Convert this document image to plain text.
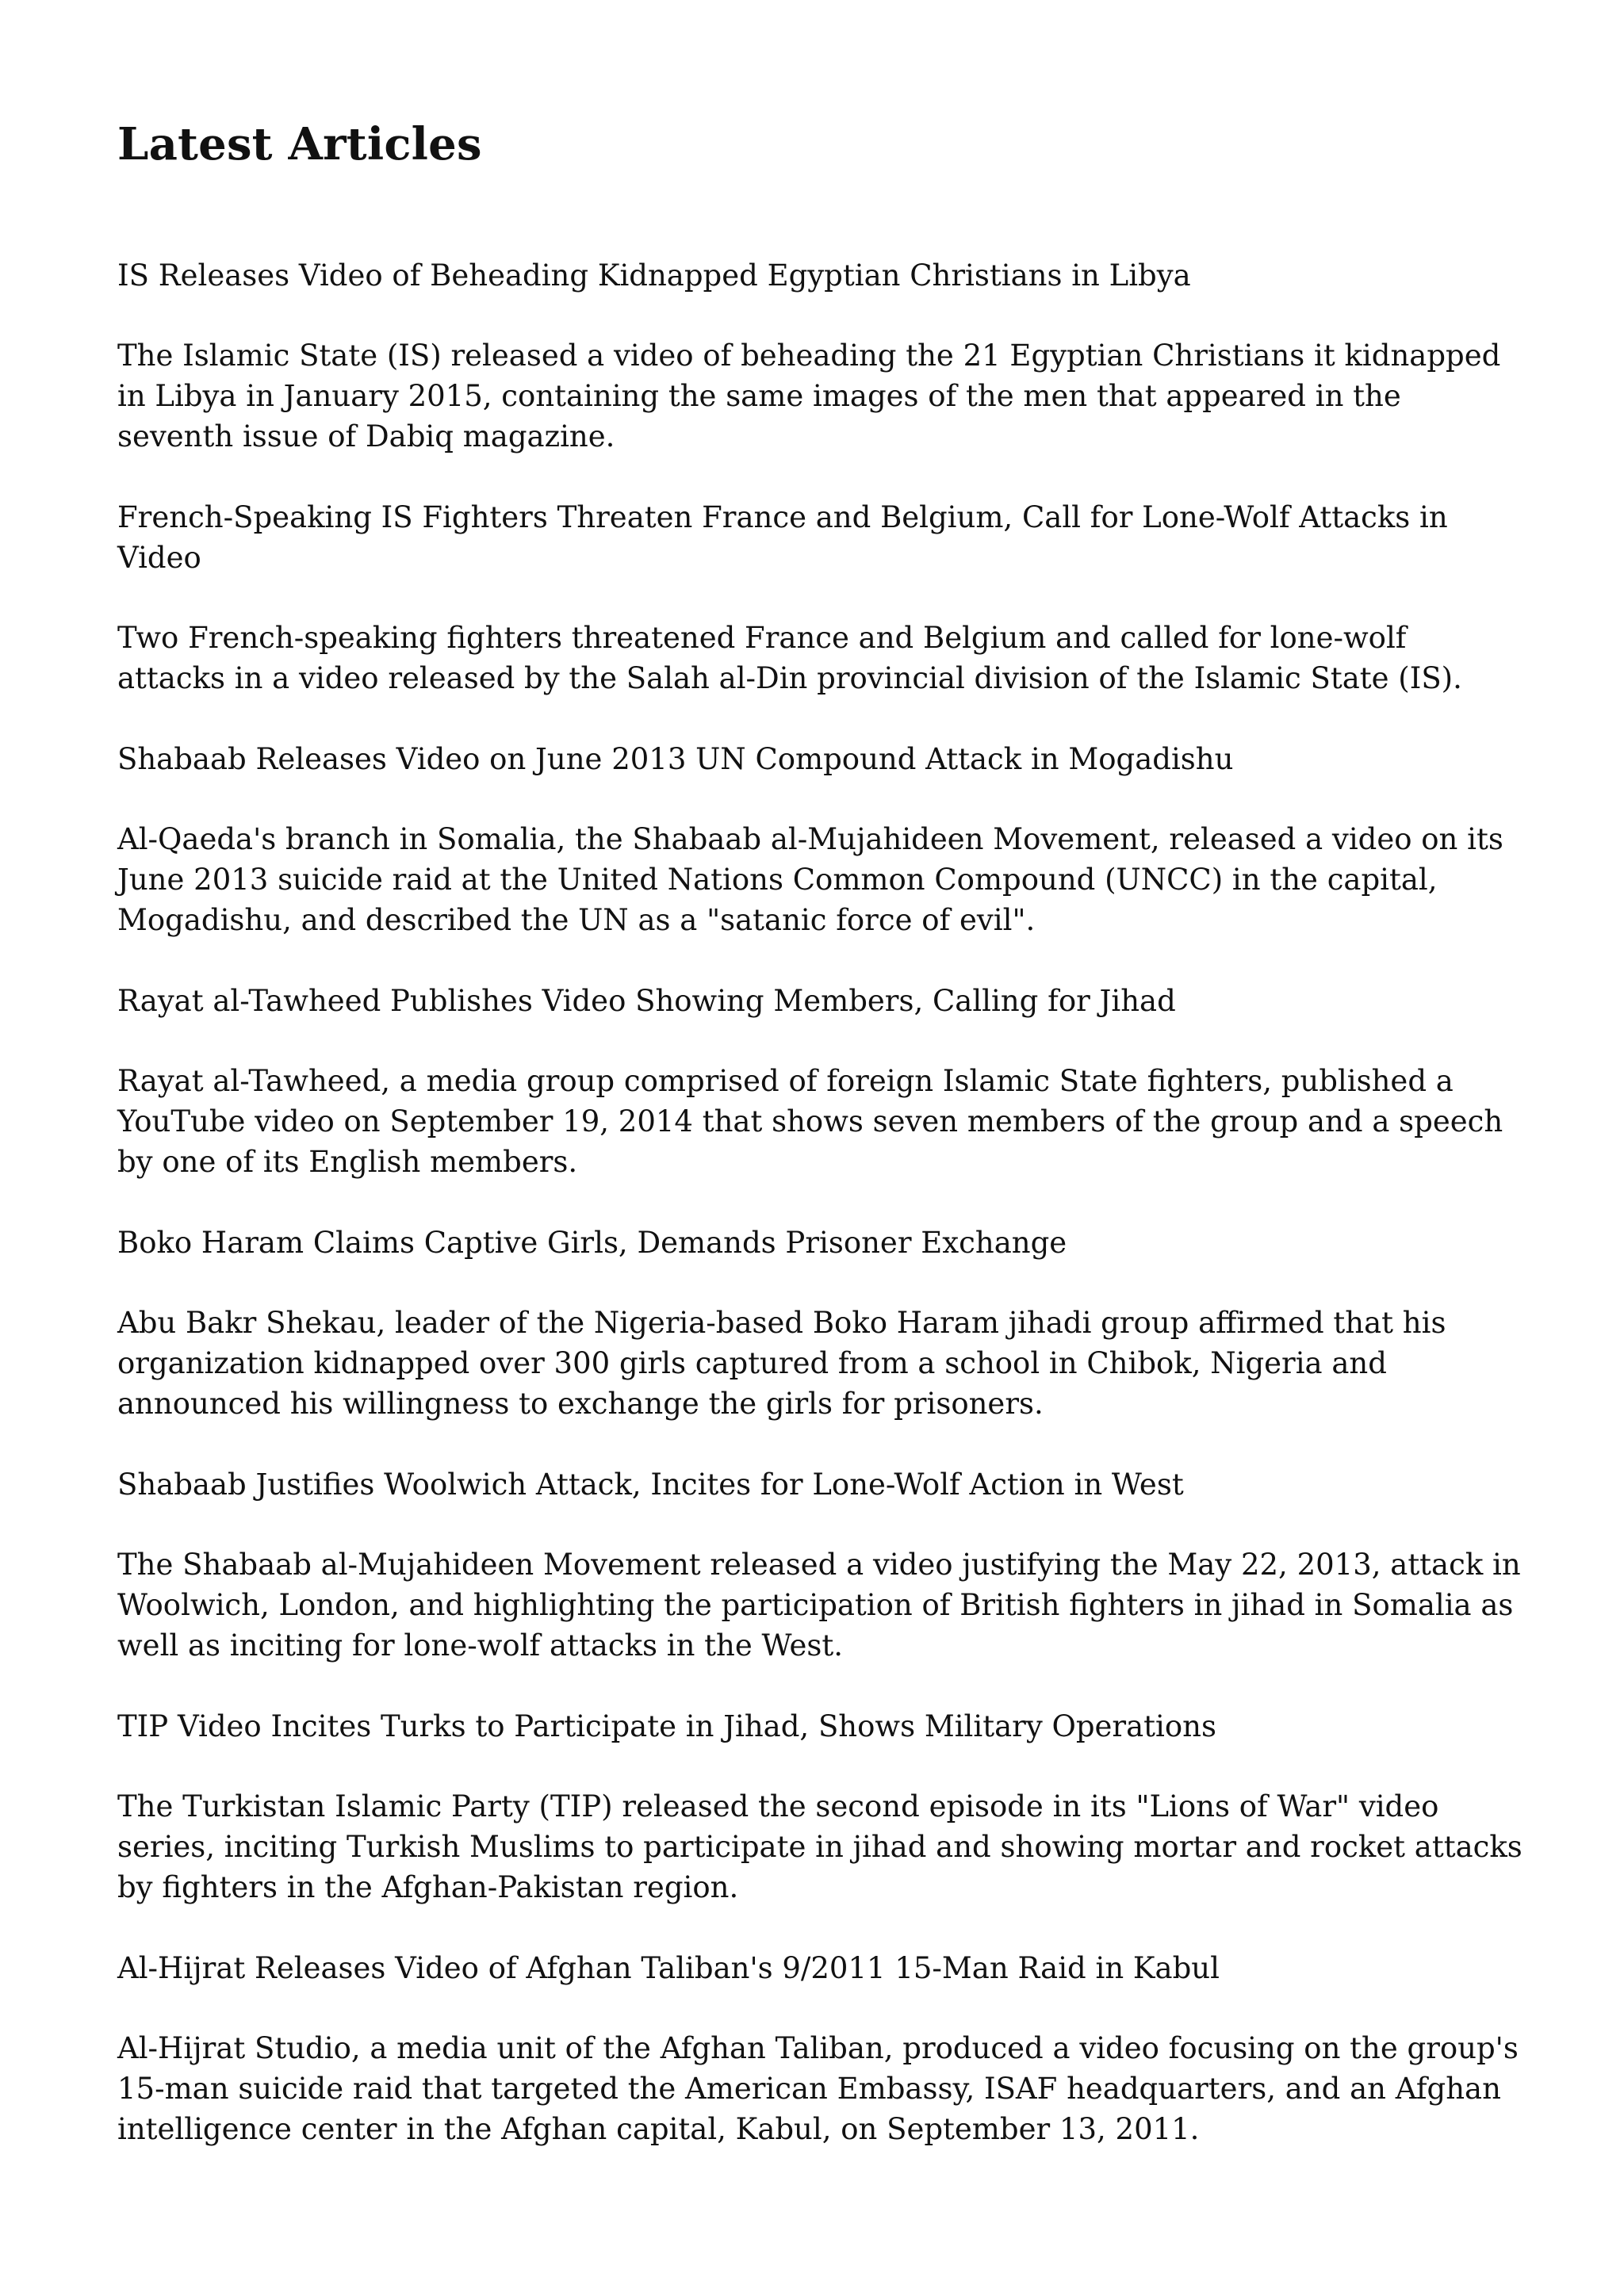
Latest Articles
IS Releases Video of Beheading Kidnapped Egyptian Christians in Libya

The Islamic State (IS) released a video of beheading the 21 Egyptian Christians it kidnapped in Libya in January 2015, containing the same images of the men that appeared in the seventh issue of Dabiq magazine.

French-Speaking IS Fighters Threaten France and Belgium, Call for Lone-Wolf Attacks in Video

Two French-speaking fighters threatened France and Belgium and called for lone-wolf attacks in a video released by the Salah al-Din provincial division of the Islamic State (IS).

Shabaab Releases Video on June 2013 UN Compound Attack in Mogadishu

Al-Qaeda's branch in Somalia, the Shabaab al-Mujahideen Movement, released a video on its June 2013 suicide raid at the United Nations Common Compound (UNCC) in the capital, Mogadishu, and described the UN as a "satanic force of evil".

Rayat al-Tawheed Publishes Video Showing Members, Calling for Jihad

Rayat al-Tawheed, a media group comprised of foreign Islamic State fighters, published a YouTube video on September 19, 2014 that shows seven members of the group and a speech by one of its English members.

Boko Haram Claims Captive Girls, Demands Prisoner Exchange

Abu Bakr Shekau, leader of the Nigeria-based Boko Haram jihadi group affirmed that his organization kidnapped over 300 girls captured from a school in Chibok, Nigeria and announced his willingness to exchange the girls for prisoners.

Shabaab Justifies Woolwich Attack, Incites for Lone-Wolf Action in West

The Shabaab al-Mujahideen Movement released a video justifying the May 22, 2013, attack in Woolwich, London, and highlighting the participation of British fighters in jihad in Somalia as well as inciting for lone-wolf attacks in the West.

TIP Video Incites Turks to Participate in Jihad, Shows Military Operations

The Turkistan Islamic Party (TIP) released the second episode in its "Lions of War" video series, inciting Turkish Muslims to participate in jihad and showing mortar and rocket attacks by fighters in the Afghan-Pakistan region.

Al-Hijrat Releases Video of Afghan Taliban's 9/2011 15-Man Raid in Kabul

Al-Hijrat Studio, a media unit of the Afghan Taliban, produced a video focusing on the group's 15-man suicide raid that targeted the American Embassy, ISAF headquarters, and an Afghan intelligence center in the Afghan capital, Kabul, on September 13, 2011.
